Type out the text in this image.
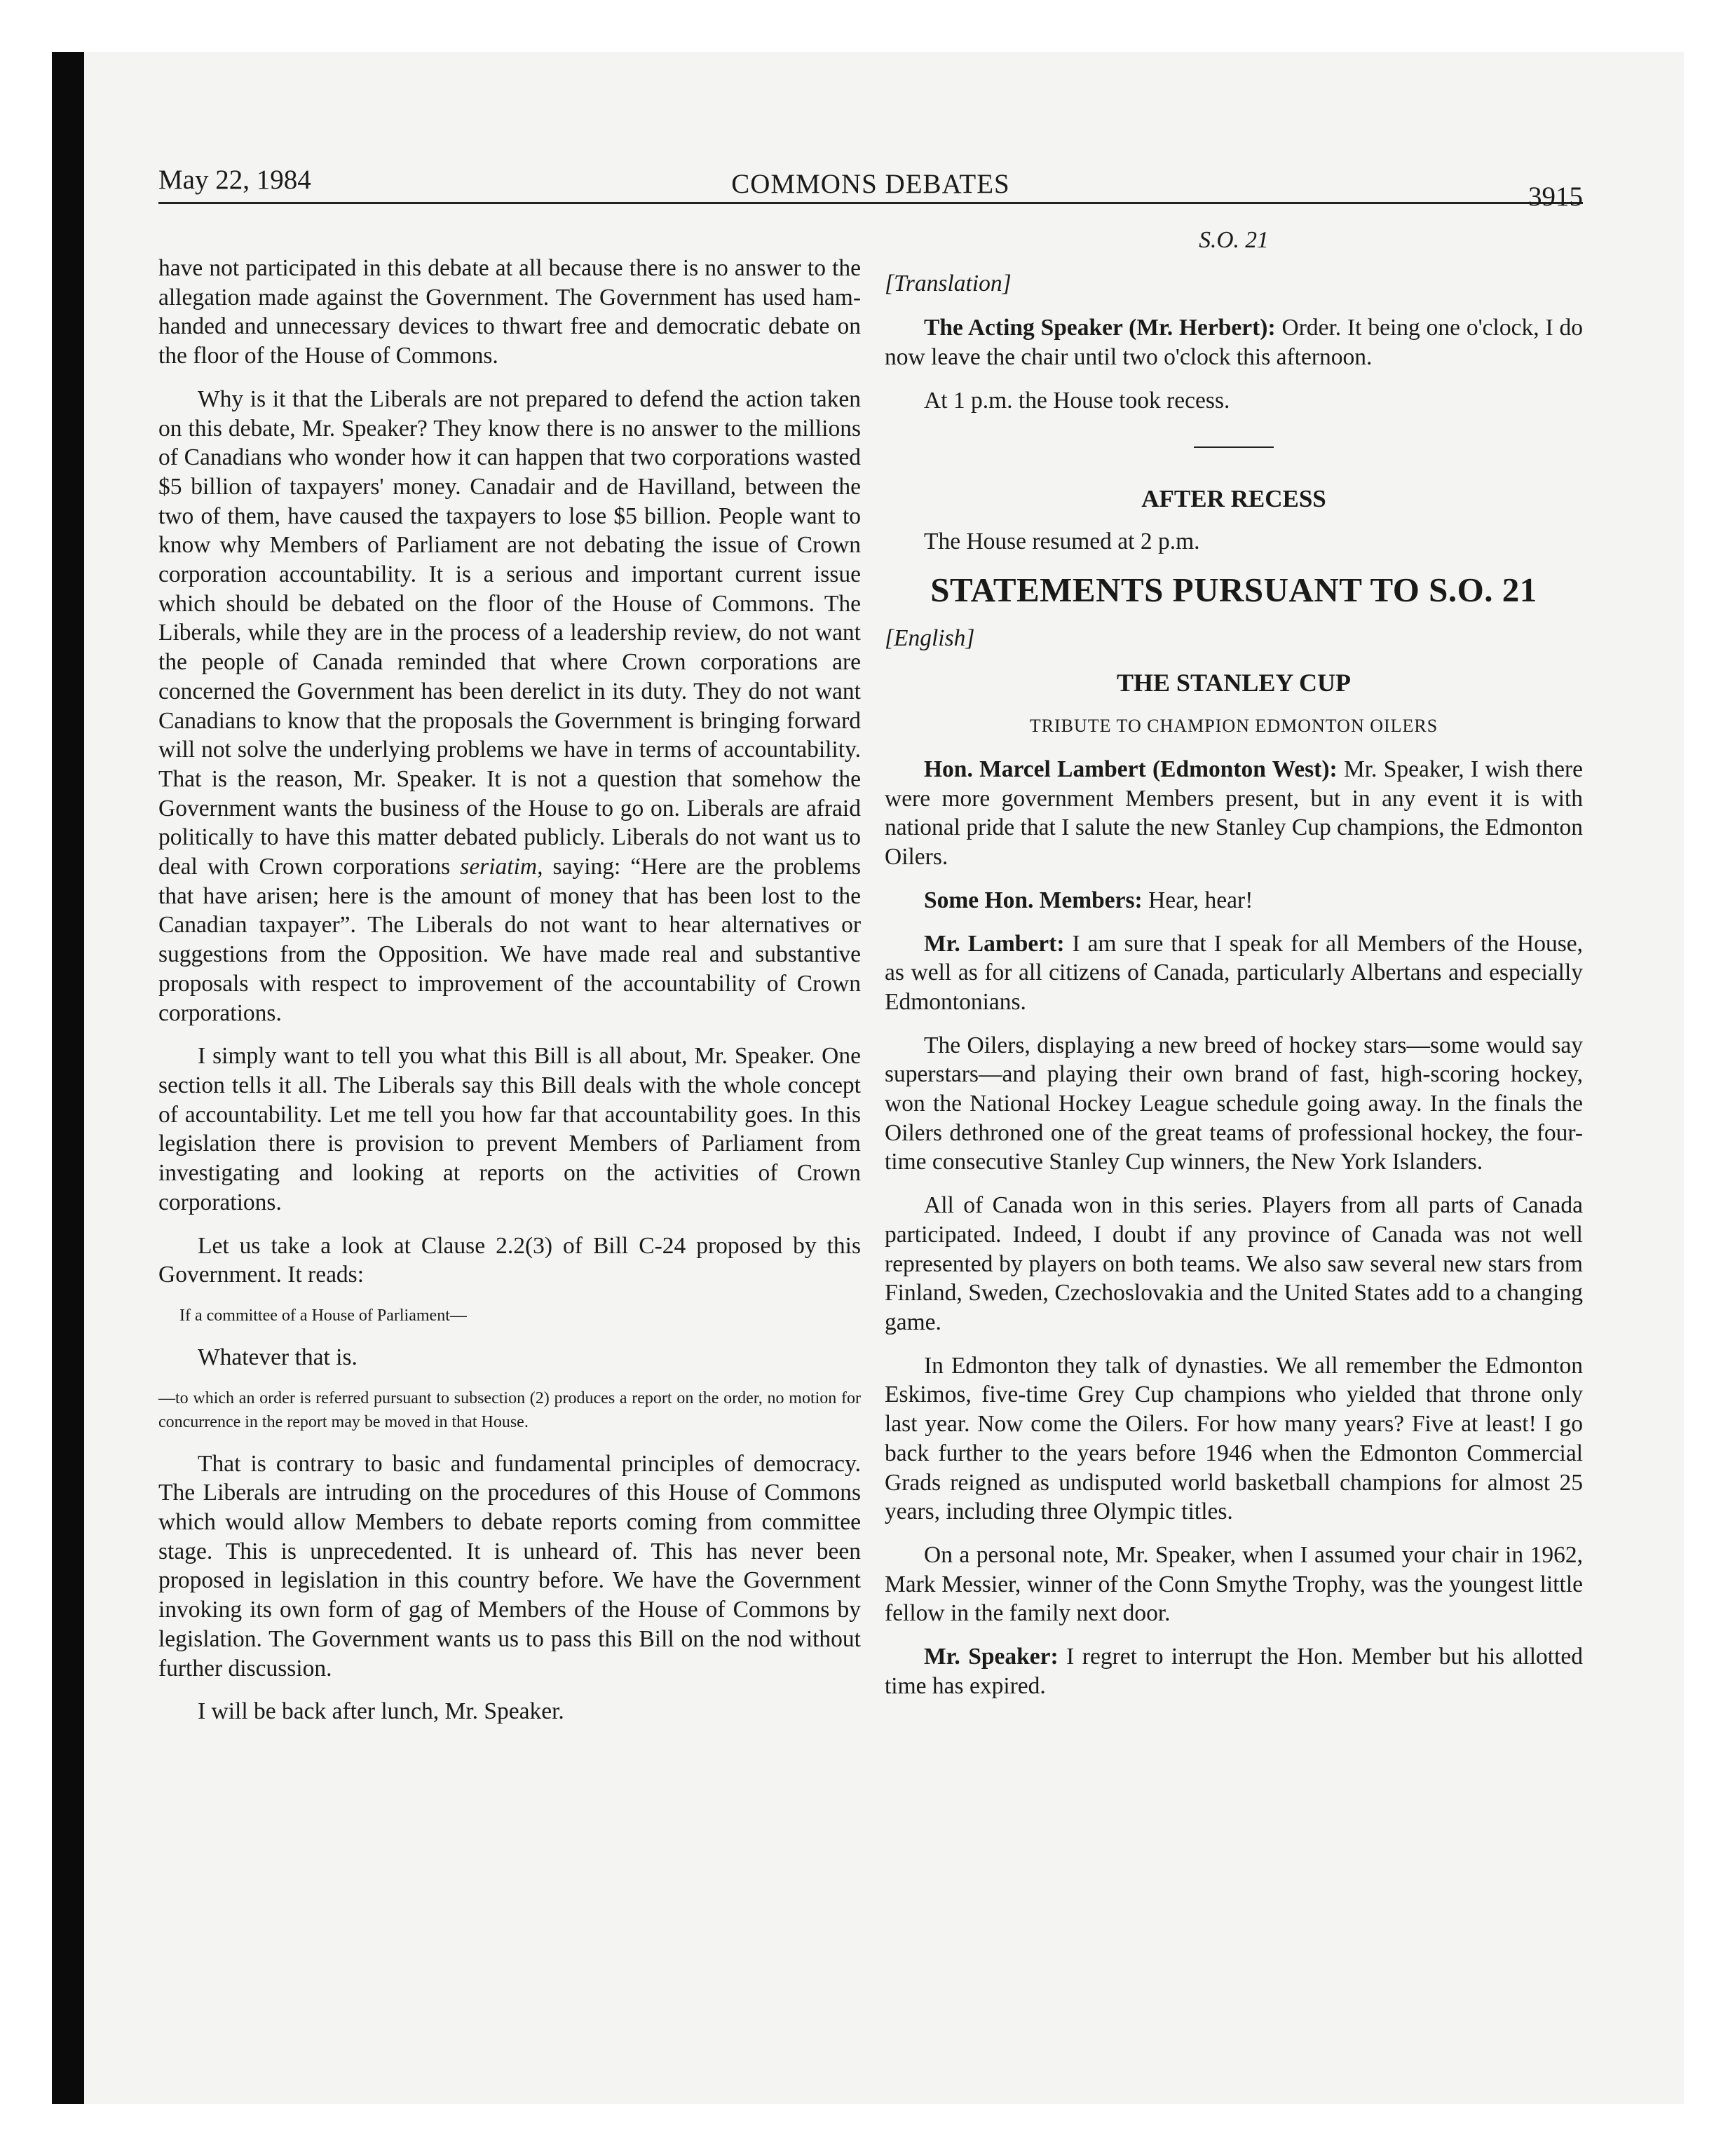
May 22, 1984	COMMONS DEBATES	3915

have not participated in this debate at all because there is no answer to the allegation made against the Government. The Government has used ham-handed and unnecessary devices to thwart free and democratic debate on the floor of the House of Commons.

Why is it that the Liberals are not prepared to defend the action taken on this debate, Mr. Speaker? They know there is no answer to the millions of Canadians who wonder how it can happen that two corporations wasted $5 billion of taxpayers' money. Canadair and de Havilland, between the two of them, have caused the taxpayers to lose $5 billion. People want to know why Members of Parliament are not debating the issue of Crown corporation accountability. It is a serious and important current issue which should be debated on the floor of the House of Commons. The Liberals, while they are in the process of a leadership review, do not want the people of Canada reminded that where Crown corporations are concerned the Government has been derelict in its duty. They do not want Canadians to know that the proposals the Government is bringing forward will not solve the underlying problems we have in terms of accountability. That is the reason, Mr. Speaker. It is not a question that somehow the Government wants the business of the House to go on. Liberals are afraid politically to have this matter debated publicly. Liberals do not want us to deal with Crown corporations seriatim, saying: “Here are the problems that have arisen; here is the amount of money that has been lost to the Canadian taxpayer”. The Liberals do not want to hear alternatives or suggestions from the Opposition. We have made real and substantive proposals with respect to improvement of the accountability of Crown corporations.

I simply want to tell you what this Bill is all about, Mr. Speaker. One section tells it all. The Liberals say this Bill deals with the whole concept of accountability. Let me tell you how far that accountability goes. In this legislation there is provision to prevent Members of Parliament from investigating and looking at reports on the activities of Crown corporations.

Let us take a look at Clause 2.2(3) of Bill C-24 proposed by this Government. It reads:

If a committee of a House of Parliament—

Whatever that is.

—to which an order is referred pursuant to subsection (2) produces a report on the order, no motion for concurrence in the report may be moved in that House.

That is contrary to basic and fundamental principles of democracy. The Liberals are intruding on the procedures of this House of Commons which would allow Members to debate reports coming from committee stage. This is unprecedented. It is unheard of. This has never been proposed in legislation in this country before. We have the Government invoking its own form of gag of Members of the House of Commons by legislation. The Government wants us to pass this Bill on the nod without further discussion.

I will be back after lunch, Mr. Speaker.

S.O. 21

[Translation]

The Acting Speaker (Mr. Herbert): Order. It being one o'clock, I do now leave the chair until two o'clock this afternoon.

At 1 p.m. the House took recess.

AFTER RECESS

The House resumed at 2 p.m.

STATEMENTS PURSUANT TO S.O. 21

[English]

THE STANLEY CUP

TRIBUTE TO CHAMPION EDMONTON OILERS

Hon. Marcel Lambert (Edmonton West): Mr. Speaker, I wish there were more government Members present, but in any event it is with national pride that I salute the new Stanley Cup champions, the Edmonton Oilers.

Some Hon. Members: Hear, hear!

Mr. Lambert: I am sure that I speak for all Members of the House, as well as for all citizens of Canada, particularly Albertans and especially Edmontonians.

The Oilers, displaying a new breed of hockey stars—some would say superstars—and playing their own brand of fast, high-scoring hockey, won the National Hockey League schedule going away. In the finals the Oilers dethroned one of the great teams of professional hockey, the four-time consecutive Stanley Cup winners, the New York Islanders.

All of Canada won in this series. Players from all parts of Canada participated. Indeed, I doubt if any province of Canada was not well represented by players on both teams. We also saw several new stars from Finland, Sweden, Czechoslovakia and the United States add to a changing game.

In Edmonton they talk of dynasties. We all remember the Edmonton Eskimos, five-time Grey Cup champions who yielded that throne only last year. Now come the Oilers. For how many years? Five at least! I go back further to the years before 1946 when the Edmonton Commercial Grads reigned as undisputed world basketball champions for almost 25 years, including three Olympic titles.

On a personal note, Mr. Speaker, when I assumed your chair in 1962, Mark Messier, winner of the Conn Smythe Trophy, was the youngest little fellow in the family next door.

Mr. Speaker: I regret to interrupt the Hon. Member but his allotted time has expired.
